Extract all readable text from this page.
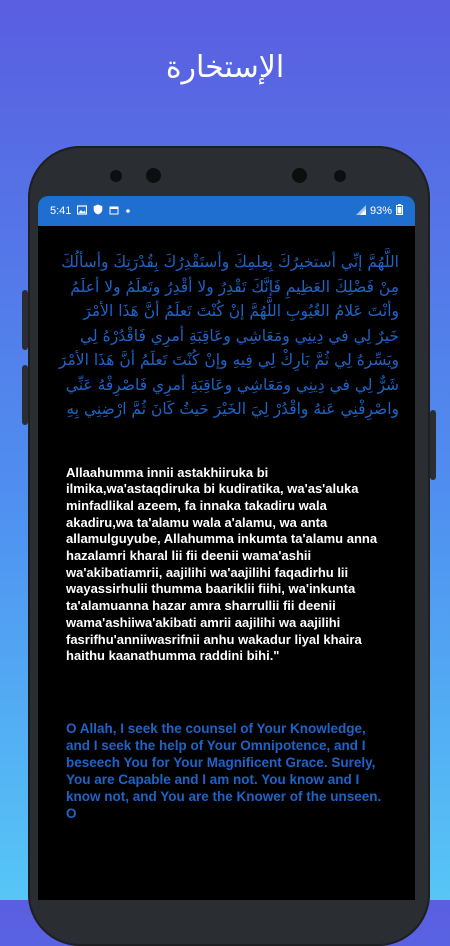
الإستخارة
5:41	93%
اللَّهُمَّ إنِّي أستخيرُكَ بِعِلمِكَ وأستَقْدِرُكَ بِقُدْرَتِكَ وأسألُكَ مِنْ فَضْلِكَ العَظِيمِ فَإنَّكَ تَقْدِرُ ولا أقْدِرُ وتَعلَمُ ولا أعلَمُ وأنْتَ عَلامُ الغُيُوبِ اللَّهُمَّ إنْ كُنْتَ تَعلَمُ أنَّ هَذَا الأمْرَ خَيرٌ لِي في دِينِي ومَعَاشِي وعَاقِبَةِ أمرِي فَاقْدُرْهُ لِي ويَسِّرهُ لِي ثُمَّ بَارِكْ لِي فِيهِ وإنْ كُنْتَ تَعلَمُ أنَّ هَذَا الأمْرَ شَرٌّ لِي في دِينِي ومَعَاشِي وعَاقِبَةِ أمرِي فَاصْرِفْهُ عَنِّي واصْرِفْنِي عَنهُ واقْدُرْ لِيَ الخَيْرَ حَيثُ كَانَ ثُمَّ ارْضِنِي بِهِ
Allaahumma innii astakhiiruka bi ilmika,wa'astaqdiruka bi kudiratika, wa'as'aluka minfadlikal azeem, fa innaka takadiru wala akadiru,wa ta'alamu wala a'alamu, wa anta allamulguyube, Allahumma inkumta ta'alamu anna hazalamri kharal lii fii deenii wama'ashii wa'akibatiamrii, aajilihi wa'aajilihi faqadirhu lii wayassirhulii thumma baariklii fiihi, wa'inkunta ta'alamuanna hazar amra sharrullii fii deenii wama'ashiiwa'akibati amrii aajilihi wa aajilihi fasrifhu'anniiwasrifnii anhu wakadur liyal khaira haithu kaanathumma raddini bihi."
O Allah, I seek the counsel of Your Knowledge, and I seek the help of Your Omnipotence, and I beseech You for Your Magnificent Grace. Surely, You are Capable and I am not. You know and I know not, and You are the Knower of the unseen. O
